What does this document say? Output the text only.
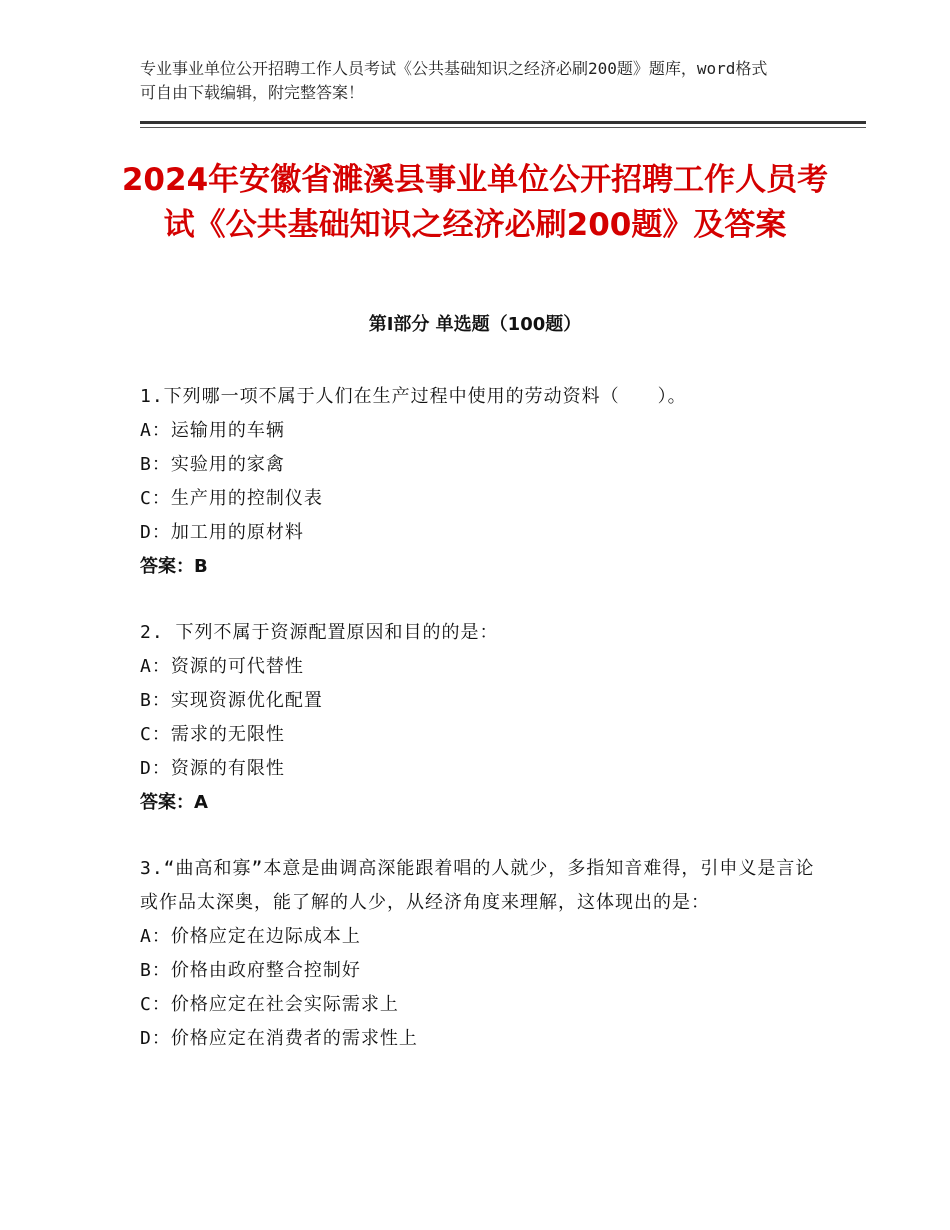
专业事业单位公开招聘工作人员考试《公共基础知识之经济必刷200题》题库，word格式可自由下载编辑，附完整答案！
2024年安徽省濉溪县事业单位公开招聘工作人员考试《公共基础知识之经济必刷200题》及答案
第Ⅰ部分 单选题（100题）
1.下列哪一项不属于人们在生产过程中使用的劳动资料（　　）。
A：运输用的车辆
B：实验用的家禽
C：生产用的控制仪表
D：加工用的原材料
答案：B
2. 下列不属于资源配置原因和目的的是：
A：资源的可代替性
B：实现资源优化配置
C：需求的无限性
D：资源的有限性
答案：A
3.“曲高和寡”本意是曲调高深能跟着唱的人就少，多指知音难得，引申义是言论或作品太深奥，能了解的人少，从经济角度来理解，这体现出的是：
A：价格应定在边际成本上
B：价格由政府整合控制好
C：价格应定在社会实际需求上
D：价格应定在消费者的需求性上
